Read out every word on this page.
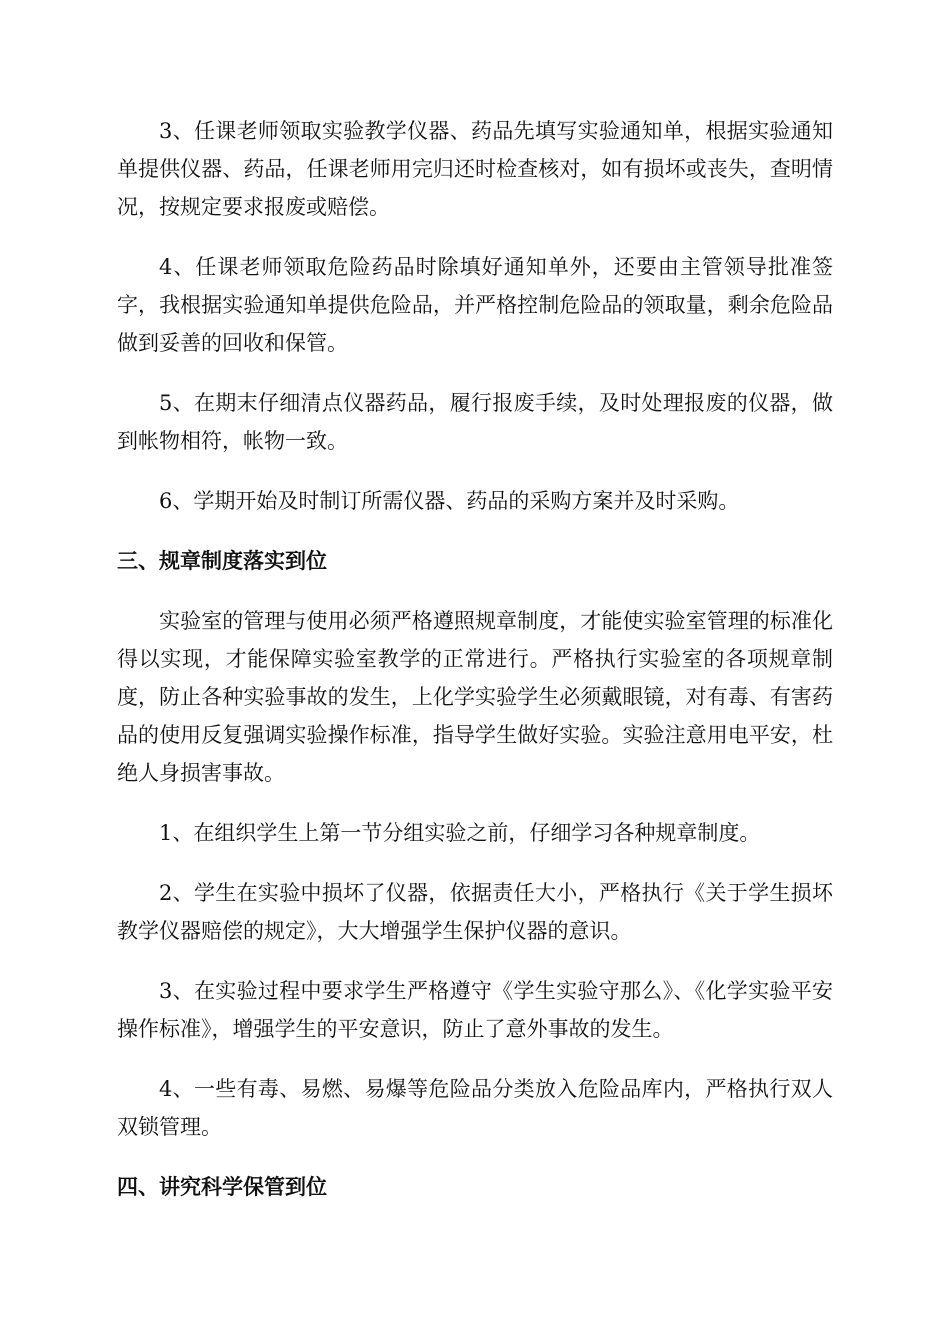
3、任课老师领取实验教学仪器、药品先填写实验通知单，根据实验通知单提供仪器、药品，任课老师用完归还时检查核对，如有损坏或丧失，查明情况，按规定要求报废或赔偿。

4、任课老师领取危险药品时除填好通知单外，还要由主管领导批准签字，我根据实验通知单提供危险品，并严格控制危险品的领取量，剩余危险品做到妥善的回收和保管。

5、在期末仔细清点仪器药品，履行报废手续，及时处理报废的仪器，做到帐物相符，帐物一致。

6、学期开始及时制订所需仪器、药品的采购方案并及时采购。

三、规章制度落实到位

实验室的管理与使用必须严格遵照规章制度，才能使实验室管理的标准化得以实现，才能保障实验室教学的正常进行。严格执行实验室的各项规章制度，防止各种实验事故的发生，上化学实验学生必须戴眼镜，对有毒、有害药品的使用反复强调实验操作标准，指导学生做好实验。实验注意用电平安，杜绝人身损害事故。

1、在组织学生上第一节分组实验之前，仔细学习各种规章制度。

2、学生在实验中损坏了仪器，依据责任大小，严格执行《关于学生损坏教学仪器赔偿的规定》，大大增强学生保护仪器的意识。

3、在实验过程中要求学生严格遵守《学生实验守那么》、《化学实验平安操作标准》，增强学生的平安意识，防止了意外事故的发生。

4、一些有毒、易燃、易爆等危险品分类放入危险品库内，严格执行双人双锁管理。

四、讲究科学保管到位
